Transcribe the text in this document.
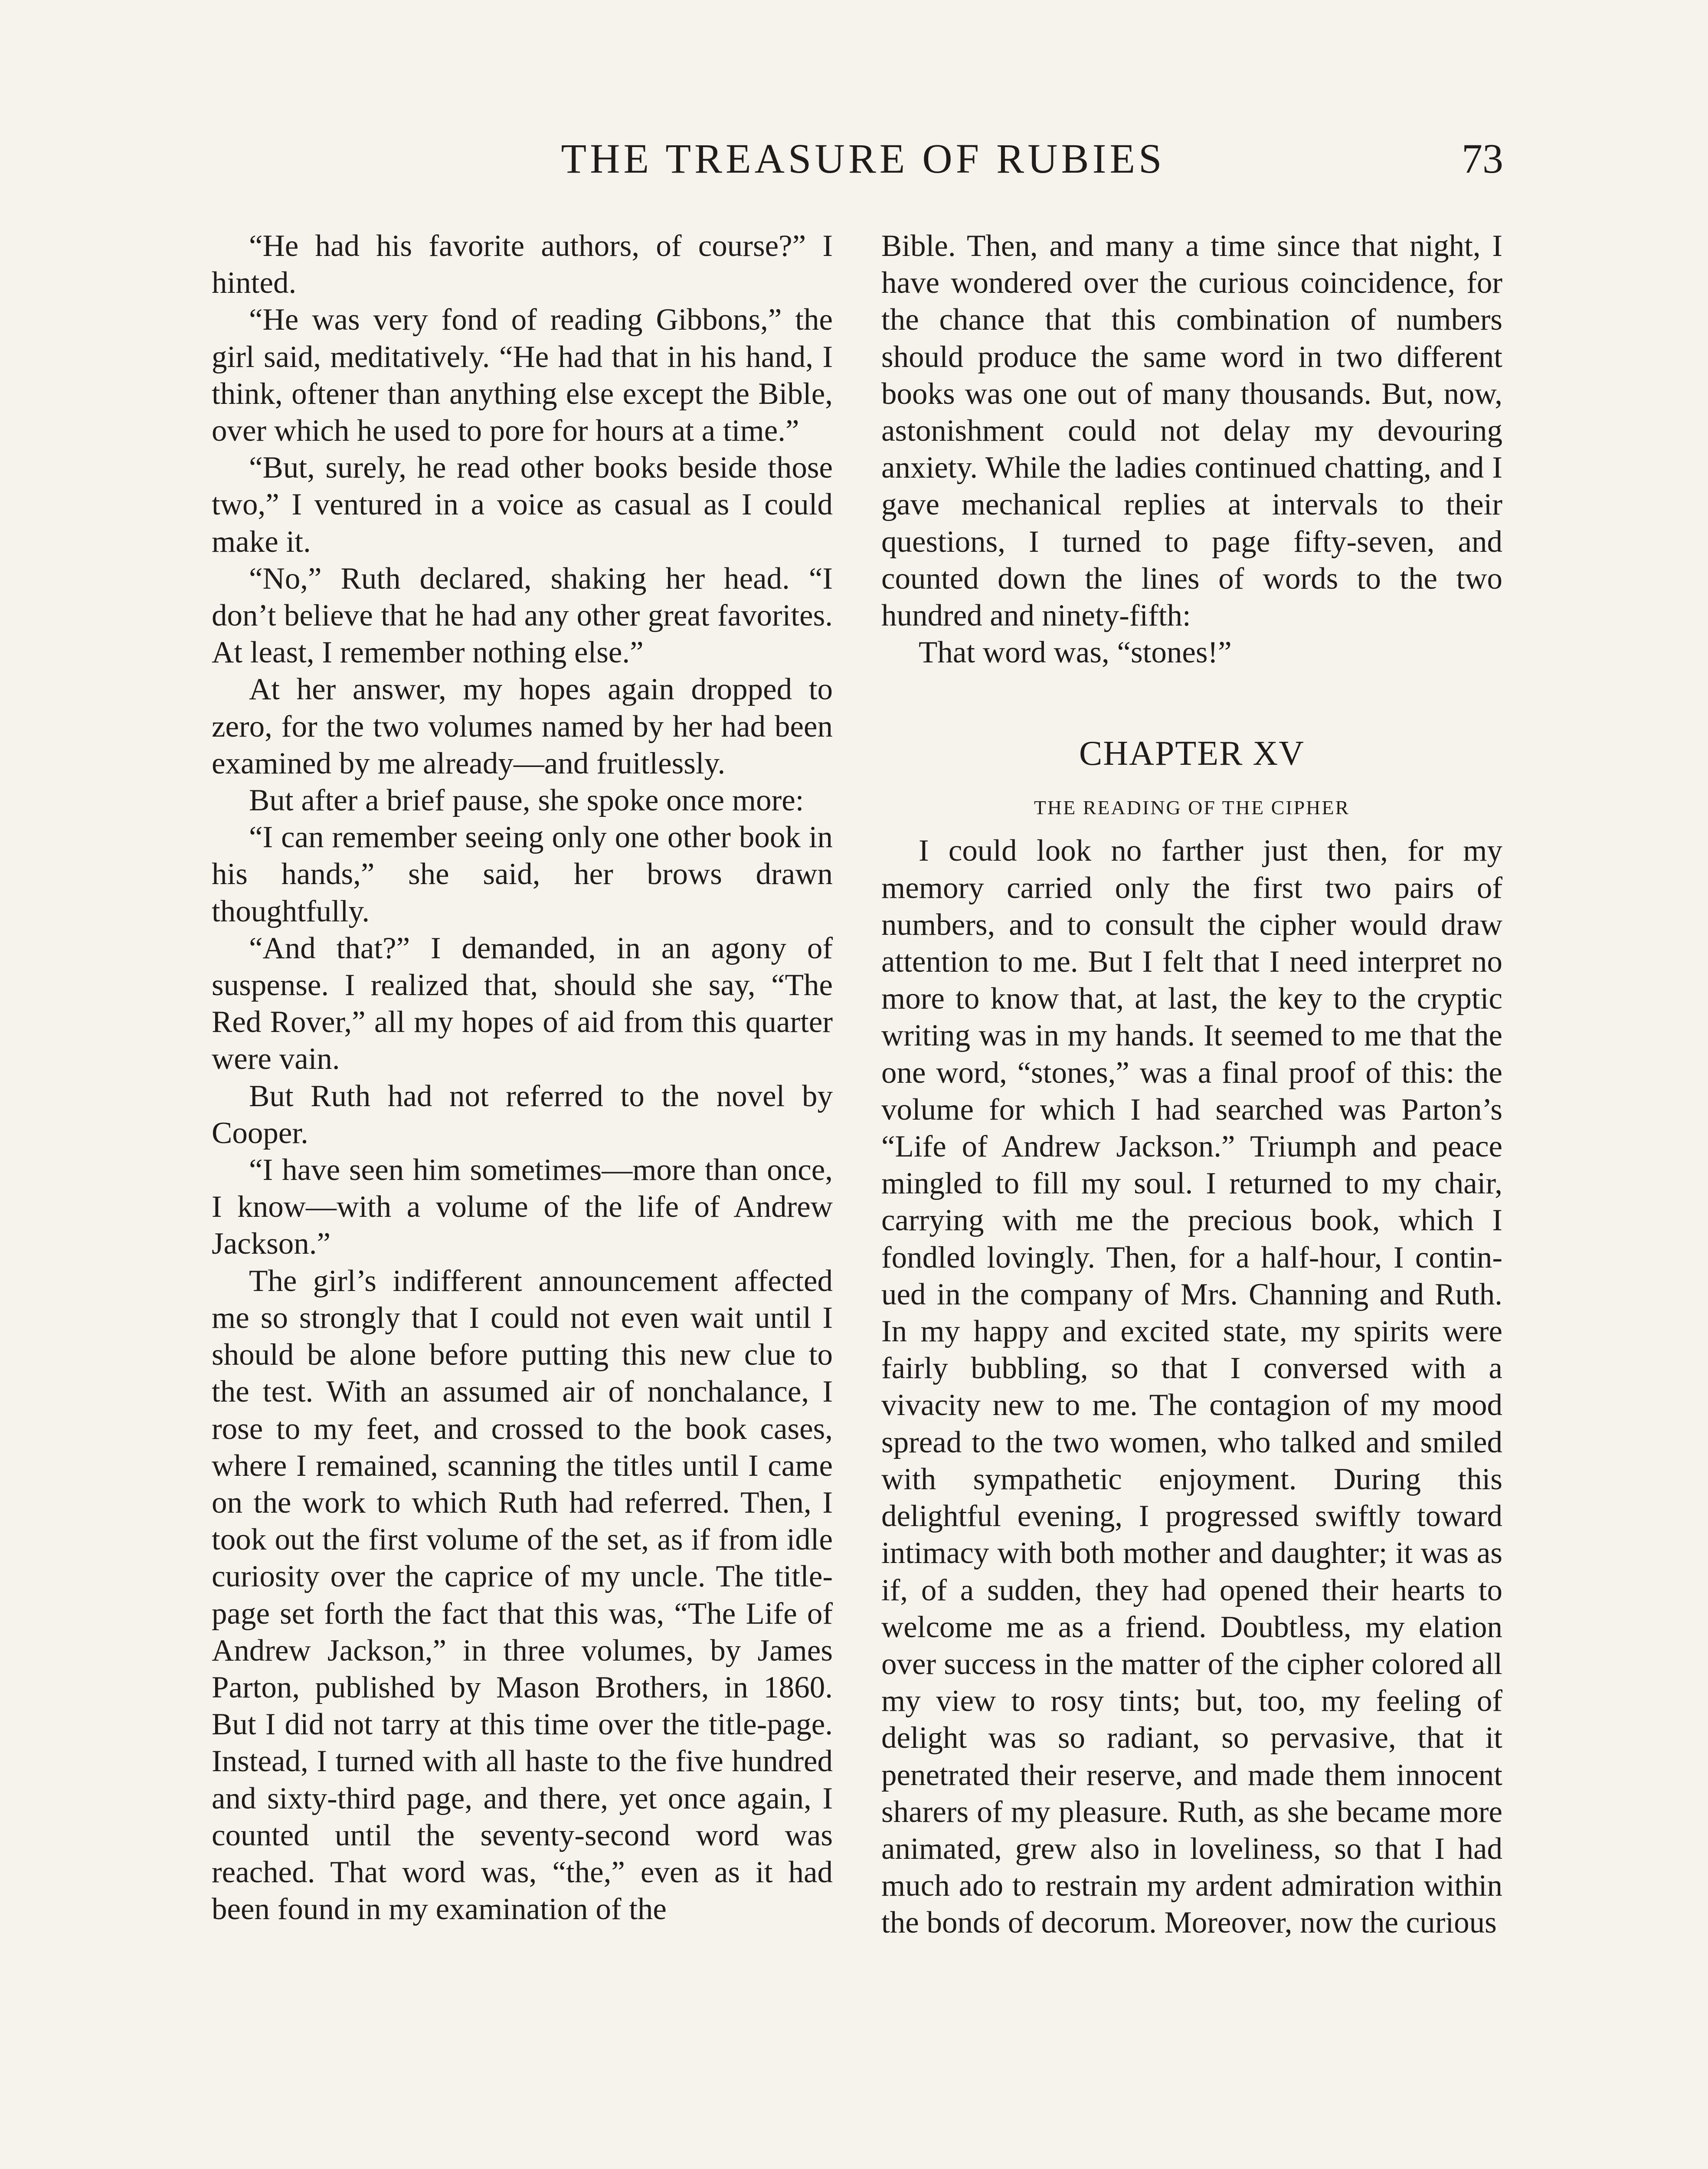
THE TREASURE OF RUBIES	73

“He had his favorite authors, of course?” I hinted.

“He was very fond of reading Gibbons,” the girl said, meditatively. “He had that in his hand, I think, oftener than anything else except the Bible, over which he used to pore for hours at a time.”

“But, surely, he read other books beside those two,” I ventured in a voice as casual as I could make it.

“No,” Ruth declared, shaking her head. “I don’t believe that he had any other great favorites. At least, I remember nothing else.”

At her answer, my hopes again dropped to zero, for the two volumes named by her had been examined by me already—and fruitlessly.

But after a brief pause, she spoke once more:

“I can remember seeing only one other book in his hands,” she said, her brows drawn thoughtfully.

“And that?” I demanded, in an agony of suspense. I realized that, should she say, “The Red Rover,” all my hopes of aid from this quarter were vain.

But Ruth had not referred to the novel by Cooper.

“I have seen him sometimes—more than once, I know—with a volume of the life of Andrew Jackson.”

The girl’s indifferent announcement affected me so strongly that I could not even wait until I should be alone before putting this new clue to the test. With an assumed air of nonchalance, I rose to my feet, and crossed to the book cases, where I remained, scanning the titles until I came on the work to which Ruth had referred. Then, I took out the first volume of the set, as if from idle curiosity over the caprice of my uncle. The title-page set forth the fact that this was, “The Life of Andrew Jackson,” in three volumes, by James Parton, published by Mason Brothers, in 1860. But I did not tarry at this time over the title-page. Instead, I turned with all haste to the five hundred and sixty-third page, and there, yet once again, I counted until the seventy-second word was reached. That word was, “the,” even as it had been found in my examination of the

Bible. Then, and many a time since that night, I have wondered over the curious coincidence, for the chance that this combination of numbers should produce the same word in two different books was one out of many thousands. But, now, astonishment could not delay my devouring anxiety. While the ladies continued chatting, and I gave mechanical replies at intervals to their questions, I turned to page fifty-seven, and counted down the lines of words to the two hundred and ninety-fifth:

That word was, “stones!”

CHAPTER XV
THE READING OF THE CIPHER

I could look no farther just then, for my memory carried only the first two pairs of numbers, and to consult the cipher would draw attention to me. But I felt that I need interpret no more to know that, at last, the key to the cryptic writing was in my hands. It seemed to me that the one word, “stones,” was a final proof of this: the volume for which I had searched was Parton’s “Life of Andrew Jackson.” Triumph and peace mingled to fill my soul. I returned to my chair, carrying with me the precious book, which I fondled lovingly. Then, for a half-hour, I continued in the company of Mrs. Channing and Ruth. In my happy and excited state, my spirits were fairly bubbling, so that I conversed with a vivacity new to me. The contagion of my mood spread to the two women, who talked and smiled with sympathetic enjoyment. During this delightful evening, I progressed swiftly toward intimacy with both mother and daughter; it was as if, of a sudden, they had opened their hearts to welcome me as a friend. Doubtless, my elation over success in the matter of the cipher colored all my view to rosy tints; but, too, my feeling of delight was so radiant, so pervasive, that it penetrated their reserve, and made them innocent sharers of my pleasure. Ruth, as she became more animated, grew also in loveliness, so that I had much ado to restrain my ardent admiration within the bonds of decorum. Moreover, now the curious
